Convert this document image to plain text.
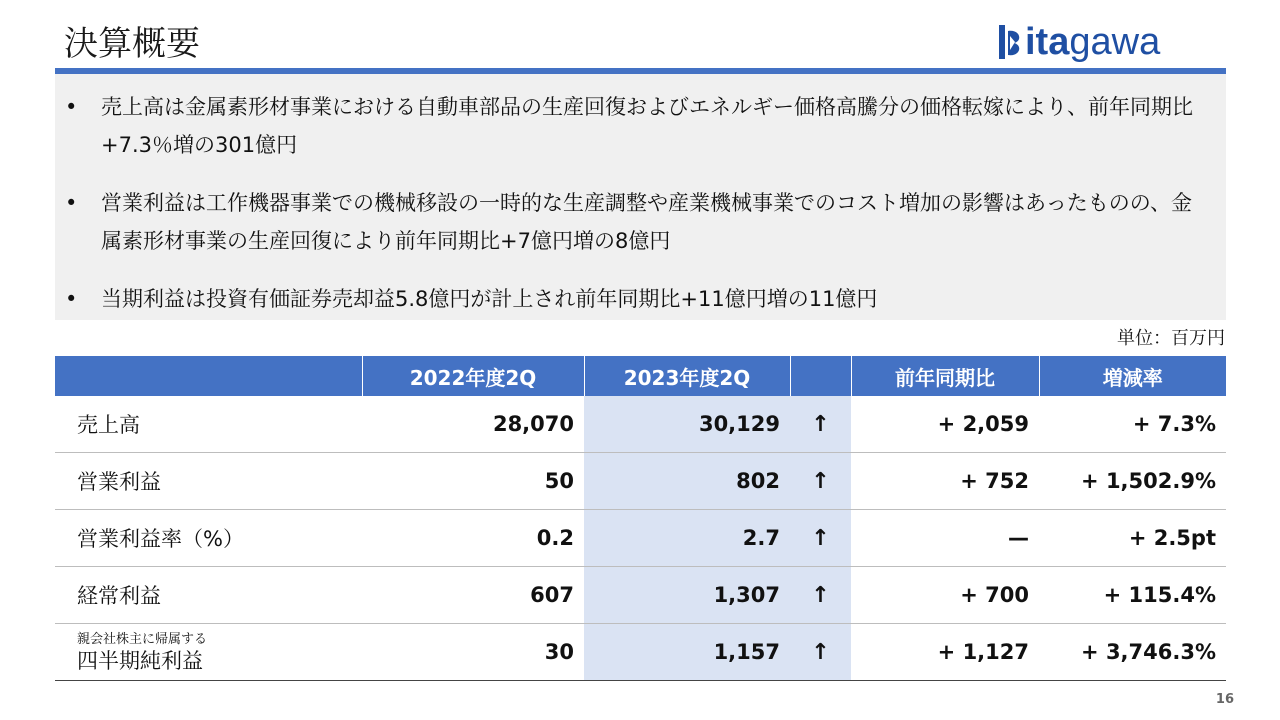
決算概要	itagawa
• 売上高は金属素形材事業における自動車部品の生産回復およびエネルギー価格高騰分の価格転嫁により、前年同期比+7.3％増の301億円
• 営業利益は工作機器事業での機械移設の一時的な生産調整や産業機械事業でのコスト増加の影響はあったものの、金属素形材事業の生産回復により前年同期比+7億円増の8億円
• 当期利益は投資有価証券売却益5.8億円が計上され前年同期比+11億円増の11億円
単位：百万円
	2022年度2Q	2023年度2Q		前年同期比	増減率
売上高	28,070	30,129	↑	+ 2,059	+ 7.3%
営業利益	50	802	↑	+ 752	+ 1,502.9%
営業利益率（%）	0.2	2.7	↑	—	+ 2.5pt
経常利益	607	1,307	↑	+ 700	+ 115.4%

親会社株主に帰属する
四半期純利益	30	1,157	↑	+ 1,127	+ 3,746.3%
16
